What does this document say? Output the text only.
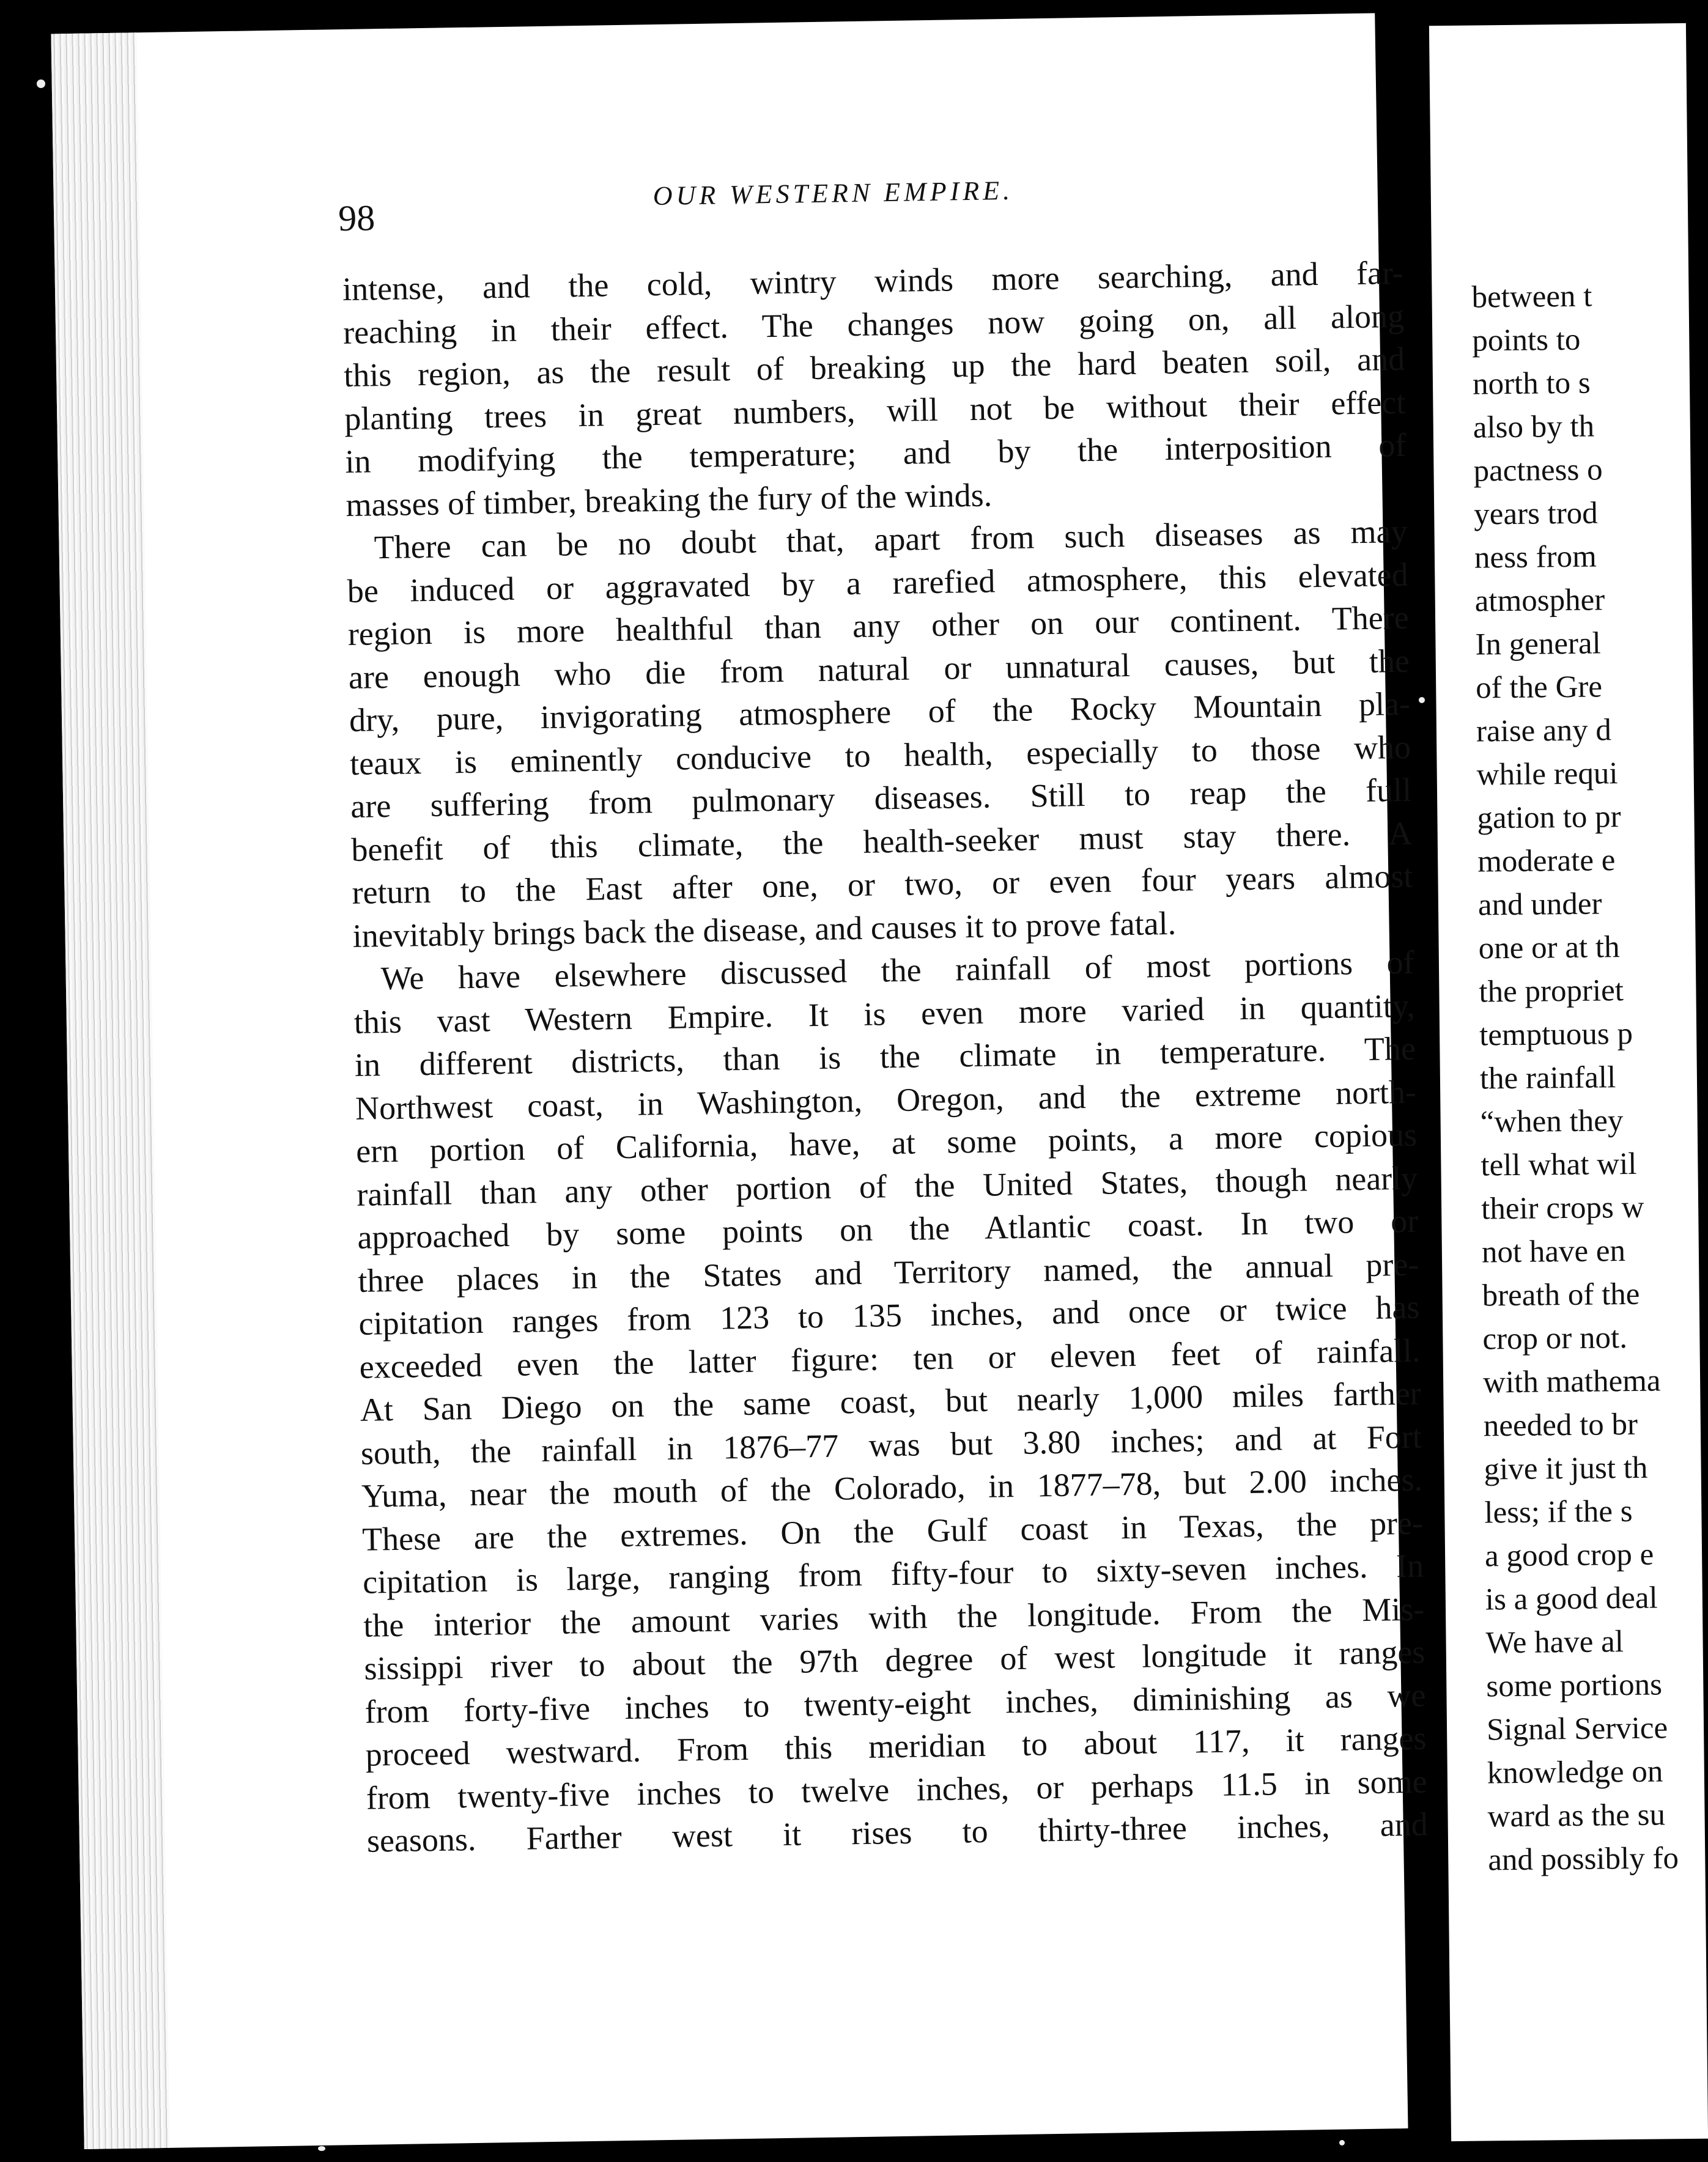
98
OUR WESTERN EMPIRE.
intense, and the cold, wintry winds more searching, and far-
reaching in their effect. The changes now going on, all along
this region, as the result of breaking up the hard beaten soil, and
planting trees in great numbers, will not be without their effect
in modifying the temperature; and by the interposition of
masses of timber, breaking the fury of the winds.
There can be no doubt that, apart from such diseases as may
be induced or aggravated by a rarefied atmosphere, this elevated
region is more healthful than any other on our continent. There
are enough who die from natural or unnatural causes, but the
dry, pure, invigorating atmosphere of the Rocky Mountain pla-
teaux is eminently conducive to health, especially to those who
are suffering from pulmonary diseases. Still to reap the full
benefit of this climate, the health-seeker must stay there. A
return to the East after one, or two, or even four years almost
inevitably brings back the disease, and causes it to prove fatal.
We have elsewhere discussed the rainfall of most portions of
this vast Western Empire. It is even more varied in quantity,
in different districts, than is the climate in temperature. The
Northwest coast, in Washington, Oregon, and the extreme north-
ern portion of California, have, at some points, a more copious
rainfall than any other portion of the United States, though nearly
approached by some points on the Atlantic coast. In two or
three places in the States and Territory named, the annual pre-
cipitation ranges from 123 to 135 inches, and once or twice has
exceeded even the latter figure: ten or eleven feet of rainfall.
At San Diego on the same coast, but nearly 1,000 miles farther
south, the rainfall in 1876–77 was but 3.80 inches; and at Fort
Yuma, near the mouth of the Colorado, in 1877–78, but 2.00 inches.
These are the extremes. On the Gulf coast in Texas, the pre-
cipitation is large, ranging from fifty-four to sixty-seven inches. In
the interior the amount varies with the longitude. From the Mis-
sissippi river to about the 97th degree of west longitude it ranges
from forty-five inches to twenty-eight inches, diminishing as we
proceed westward. From this meridian to about 117, it ranges
from twenty-five inches to twelve inches, or perhaps 11.5 in some
seasons. Farther west it rises to thirty-three inches, and
between t
points to
north to s
also by th
pactness o
years trod
ness from
atmospher
In general
of the Gre
raise any d
while requi
gation to pr
moderate e
and under
one or at th
the propriet
temptuous p
the rainfall
“when they
tell what wil
their crops w
not have en
breath of the
crop or not.
with mathema
needed to br
give it just th
less; if the s
a good crop e
is a good deal
We have al
some portions
Signal Service
knowledge on
ward as the su
and possibly fo
